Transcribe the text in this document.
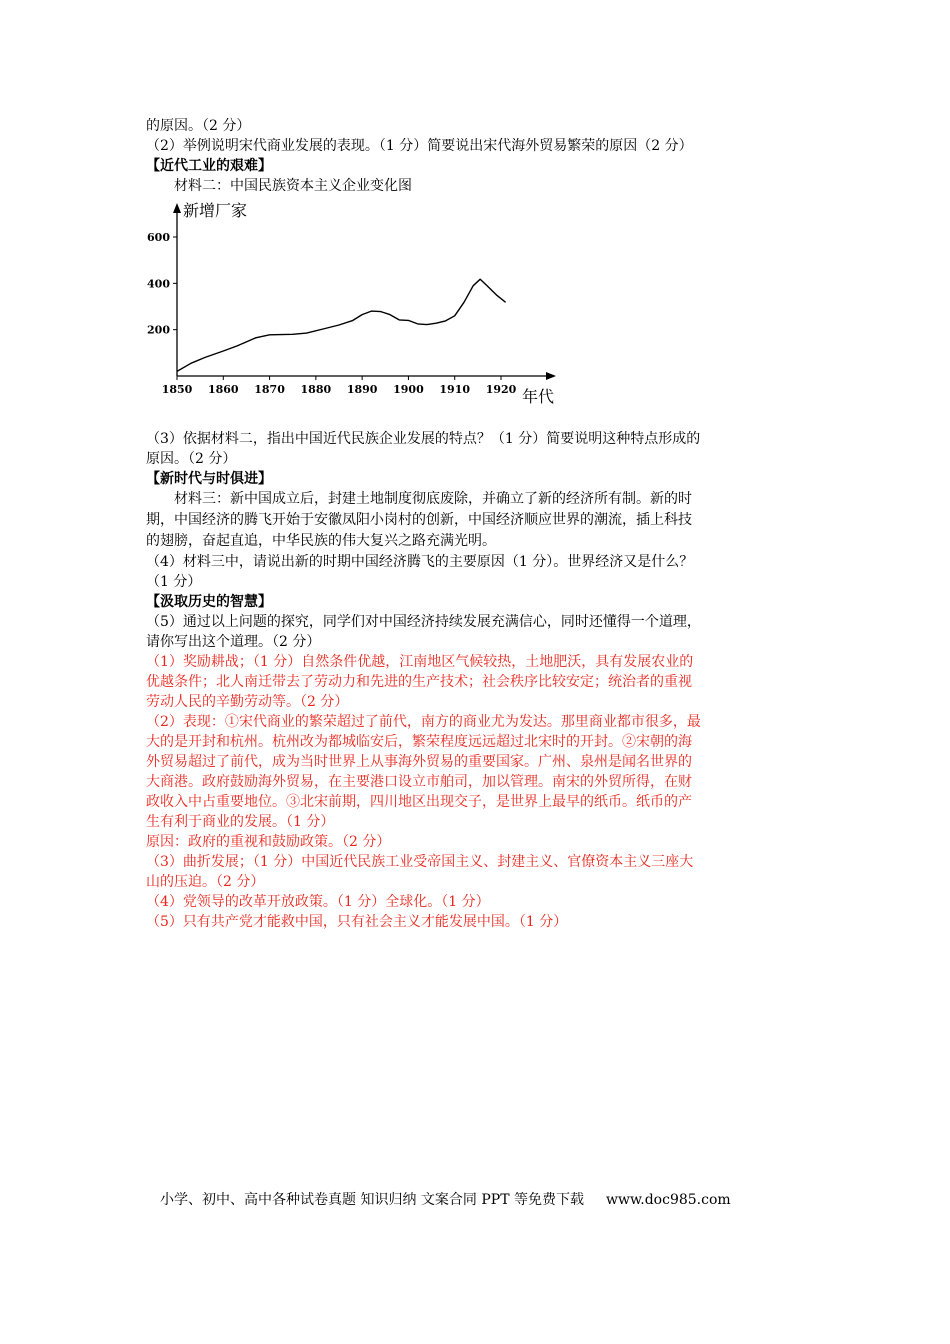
的原因。（2 分）

（2）举例说明宋代商业发展的表现。（1 分）简要说出宋代海外贸易繁荣的原因（2 分）

【近代工业的艰难】

材料二：中国民族资本主义企业变化图

200
400
600
1850 1860 1870 1880 1890 1900 1910 1920
新增厂家
年代

（3）依据材料二，指出中国近代民族企业发展的特点？（1 分）简要说明这种特点形成的

原因。（2 分）

【新时代与时俱进】

材料三：新中国成立后，封建土地制度彻底废除，并确立了新的经济所有制。新的时

期，中国经济的腾飞开始于安徽凤阳小岗村的创新，中国经济顺应世界的潮流，插上科技

的翅膀，奋起直追，中华民族的伟大复兴之路充满光明。

（4）材料三中，请说出新的时期中国经济腾飞的主要原因（1 分）。世界经济又是什么？

（1 分）

【汲取历史的智慧】

（5）通过以上问题的探究，同学们对中国经济持续发展充满信心，同时还懂得一个道理，

请你写出这个道理。（2 分）

（1）奖励耕战；（1 分）自然条件优越，江南地区气候较热，土地肥沃，具有发展农业的

优越条件；北人南迁带去了劳动力和先进的生产技术；社会秩序比较安定；统治者的重视

劳动人民的辛勤劳动等。（2 分）

（2）表现：①宋代商业的繁荣超过了前代，南方的商业尤为发达。那里商业都市很多，最

大的是开封和杭州。杭州改为都城临安后，繁荣程度远远超过北宋时的开封。②宋朝的海

外贸易超过了前代，成为当时世界上从事海外贸易的重要国家。广州、泉州是闻名世界的

大商港。政府鼓励海外贸易，在主要港口设立市舶司，加以管理。南宋的外贸所得，在财

政收入中占重要地位。③北宋前期，四川地区出现交子，是世界上最早的纸币。纸币的产

生有利于商业的发展。（1 分）

原因：政府的重视和鼓励政策。（2 分）

（3）曲折发展；（1 分）中国近代民族工业受帝国主义、封建主义、官僚资本主义三座大

山的压迫。（2 分）

（4）党领导的改革开放政策。（1 分）全球化。（1 分）

（5）只有共产党才能救中国，只有社会主义才能发展中国。（1 分）

小学、初中、高中各种试卷真题 知识归纳 文案合同 PPT 等免费下载 www.doc985.com
